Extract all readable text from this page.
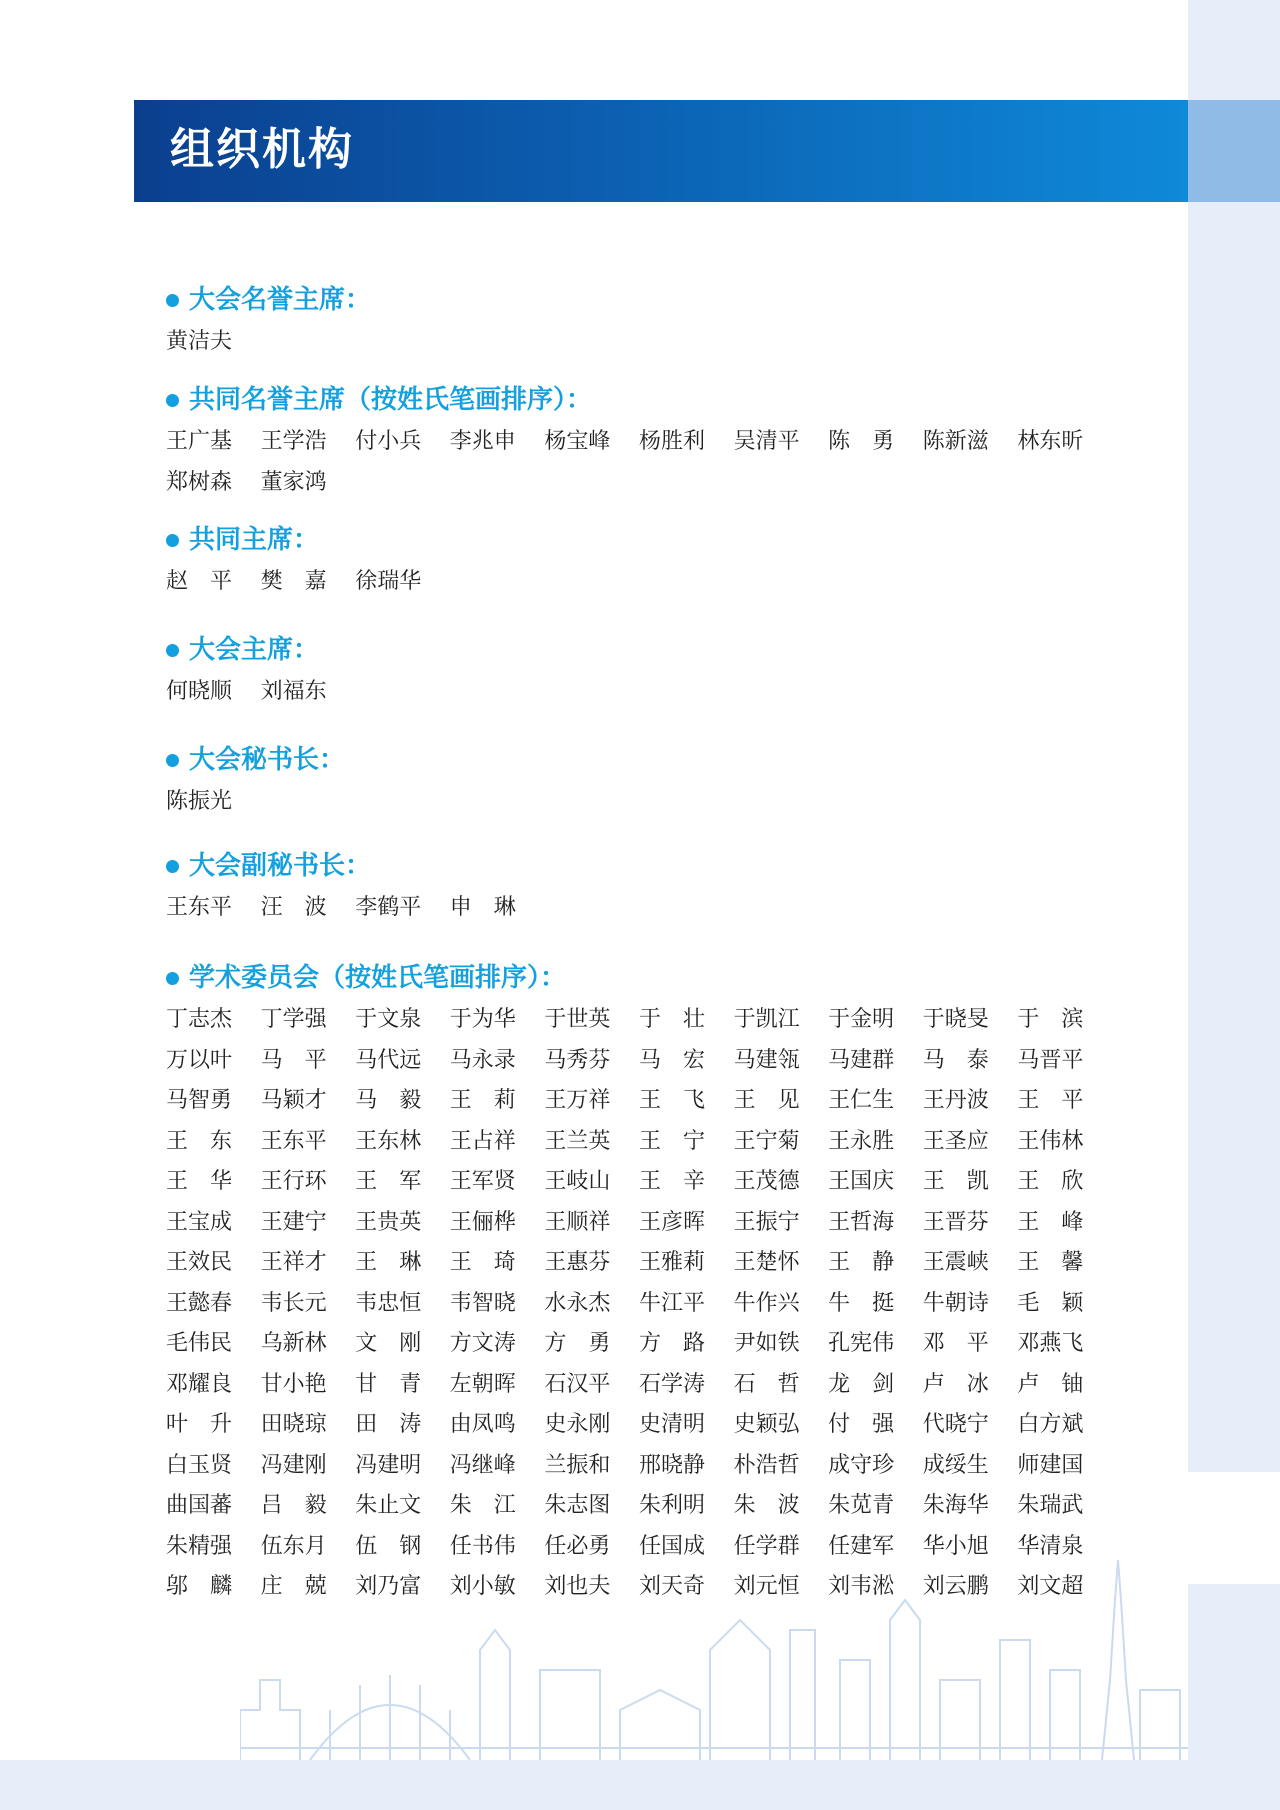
组织机构
大会名誉主席：
黄洁夫
共同名誉主席（按姓氏笔画排序）：
王广基	王学浩	付小兵	李兆申	杨宝峰	杨胜利	吴清平	陈　勇	陈新滋	林东昕
郑树森	董家鸿
共同主席：
赵　平	樊　嘉	徐瑞华
大会主席：
何晓顺	刘福东
大会秘书长：
陈振光
大会副秘书长：
王东平	汪　波	李鹤平	申　琳
学术委员会（按姓氏笔画排序）：
丁志杰	丁学强	于文泉	于为华	于世英	于　壮	于凯江	于金明	于晓旻	于　滨
万以叶	马　平	马代远	马永录	马秀芬	马　宏	马建瓴	马建群	马　泰	马晋平
马智勇	马颖才	马　毅	王　莉	王万祥	王　飞	王　见	王仁生	王丹波	王　平
王　东	王东平	王东林	王占祥	王兰英	王　宁	王宁菊	王永胜	王圣应	王伟林
王　华	王行环	王　军	王军贤	王岐山	王　辛	王茂德	王国庆	王　凯	王　欣
王宝成	王建宁	王贵英	王俪桦	王顺祥	王彦晖	王振宁	王哲海	王晋芬	王　峰
王效民	王祥才	王　琳	王　琦	王惠芬	王雅莉	王楚怀	王　静	王震峡	王　馨
王懿春	韦长元	韦忠恒	韦智晓	水永杰	牛江平	牛作兴	牛　挺	牛朝诗	毛　颖
毛伟民	乌新林	文　刚	方文涛	方　勇	方　路	尹如铁	孔宪伟	邓　平	邓燕飞
邓耀良	甘小艳	甘　青	左朝晖	石汉平	石学涛	石　哲	龙　剑	卢　冰	卢　铀
叶　升	田晓琼	田　涛	由凤鸣	史永刚	史清明	史颖弘	付　强	代晓宁	白方斌
白玉贤	冯建刚	冯建明	冯继峰	兰振和	邢晓静	朴浩哲	成守珍	成绥生	师建国
曲国蕃	吕　毅	朱止文	朱　江	朱志图	朱利明	朱　波	朱苋青	朱海华	朱瑞武
朱精强	伍东月	伍　钢	任书伟	任必勇	任国成	任学群	任建军	华小旭	华清泉
邬　麟	庄　兢	刘乃富	刘小敏	刘也夫	刘天奇	刘元恒	刘韦淞	刘云鹏	刘文超
